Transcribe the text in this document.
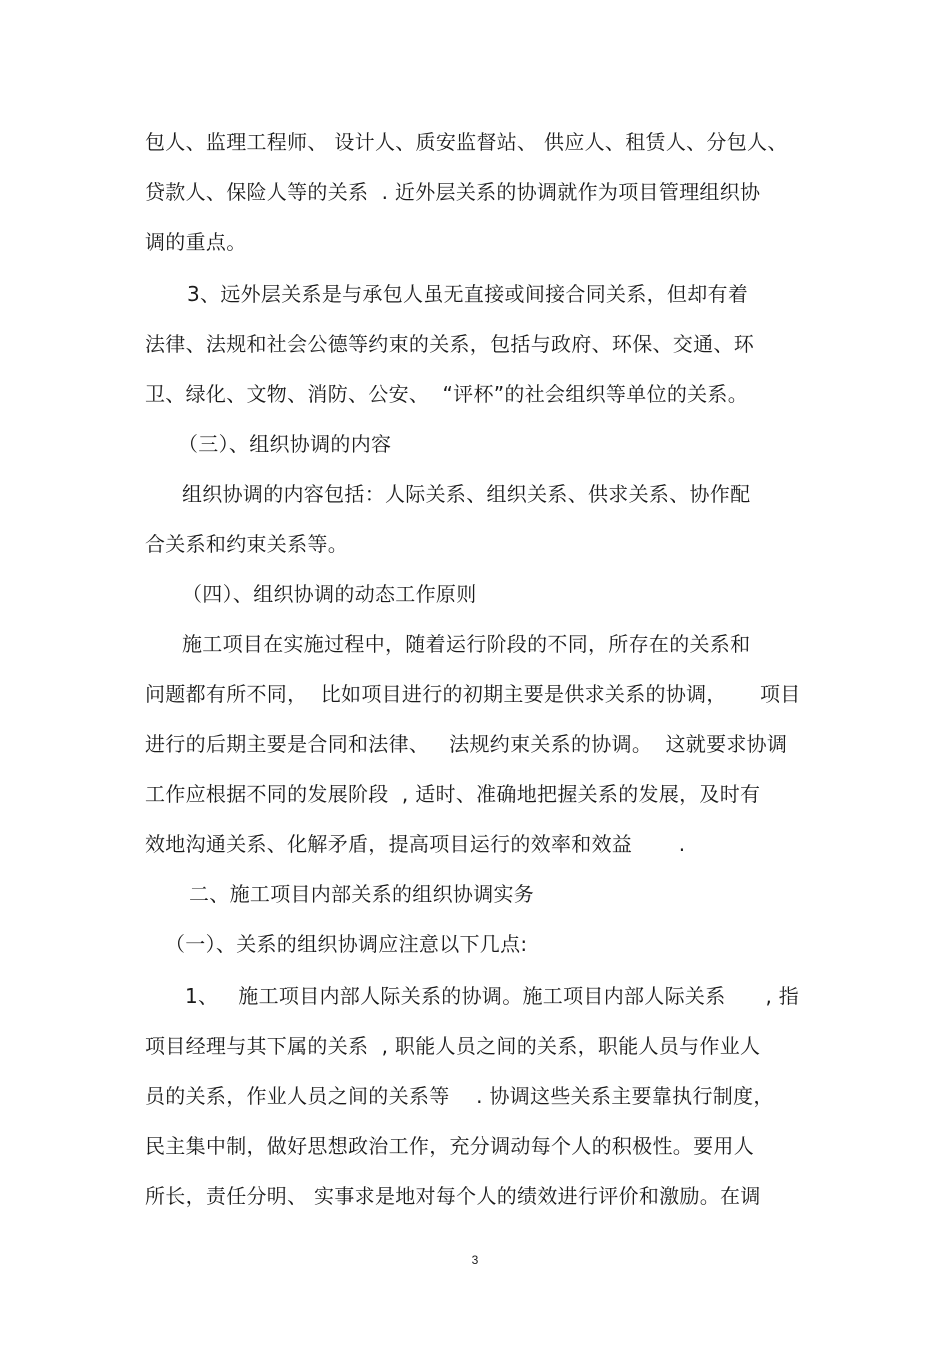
包人、监理工程师、 设计人、质安监督站、 供应人、租赁人、分包人、
贷款人、保险人等的关系  . 近外层关系的协调就作为项目管理组织协
调的重点。
3、远外层关系是与承包人虽无直接或间接合同关系，但却有着
法律、法规和社会公德等约束的关系，包括与政府、环保、交通、环
卫、绿化、文物、消防、公安、  “评杯”的社会组织等单位的关系。
（三）、组织协调的内容
组织协调的内容包括：人际关系、组织关系、供求关系、协作配
合关系和约束关系等。
（四）、组织协调的动态工作原则
施工项目在实施过程中，随着运行阶段的不同，所存在的关系和
问题都有所不同，  比如项目进行的初期主要是供求关系的协调，     项目
进行的后期主要是合同和法律、   法规约束关系的协调。  这就要求协调
工作应根据不同的发展阶段  , 适时、准确地把握关系的发展，及时有
效地沟通关系、化解矛盾，提高项目运行的效率和效益       .
二、施工项目内部关系的组织协调实务
（一）、关系的组织协调应注意以下几点:
1、   施工项目内部人际关系的协调。施工项目内部人际关系      , 指
项目经理与其下属的关系  , 职能人员之间的关系，职能人员与作业人
员的关系，作业人员之间的关系等    . 协调这些关系主要靠执行制度，
民主集中制，做好思想政治工作，充分调动每个人的积极性。要用人
所长，责任分明、 实事求是地对每个人的绩效进行评价和激励。在调
3
